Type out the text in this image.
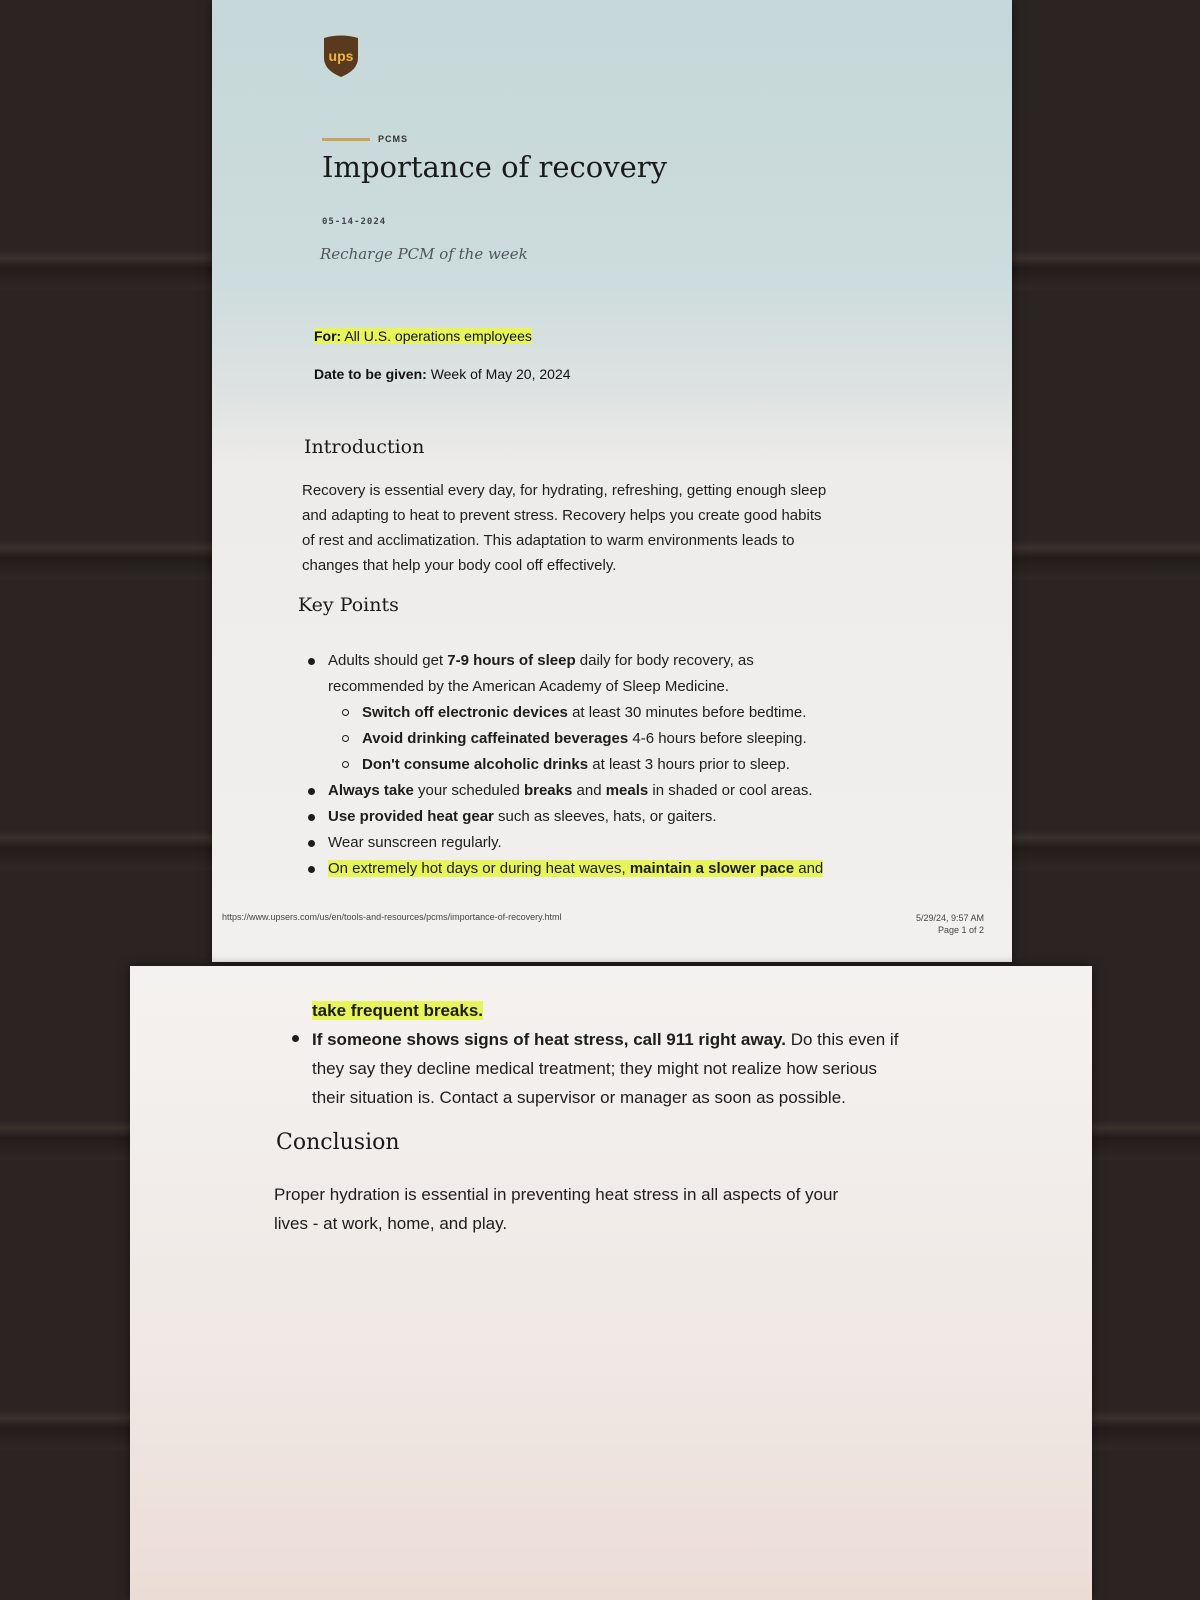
ups
PCMS
Importance of recovery
05-14-2024
Recharge PCM of the week
For: All U.S. operations employees
Date to be given: Week of May 20, 2024
Introduction
Recovery is essential every day, for hydrating, refreshing, getting enough sleep
and adapting to heat to prevent stress. Recovery helps you create good habits
of rest and acclimatization. This adaptation to warm environments leads to
changes that help your body cool off effectively.
Key Points
Adults should get 7-9 hours of sleep daily for body recovery, as
recommended by the American Academy of Sleep Medicine.
Switch off electronic devices at least 30 minutes before bedtime.
Avoid drinking caffeinated beverages 4-6 hours before sleeping.
Don't consume alcoholic drinks at least 3 hours prior to sleep.
Always take your scheduled breaks and meals in shaded or cool areas.
Use provided heat gear such as sleeves, hats, or gaiters.
Wear sunscreen regularly.
On extremely hot days or during heat waves, maintain a slower pace and
https://www.upsers.com/us/en/tools-and-resources/pcms/importance-of-recovery.html	5/29/24, 9:57 AM
Page 1 of 2
take frequent breaks.
If someone shows signs of heat stress, call 911 right away. Do this even if
they say they decline medical treatment; they might not realize how serious
their situation is. Contact a supervisor or manager as soon as possible.
Conclusion
Proper hydration is essential in preventing heat stress in all aspects of your
lives - at work, home, and play.
